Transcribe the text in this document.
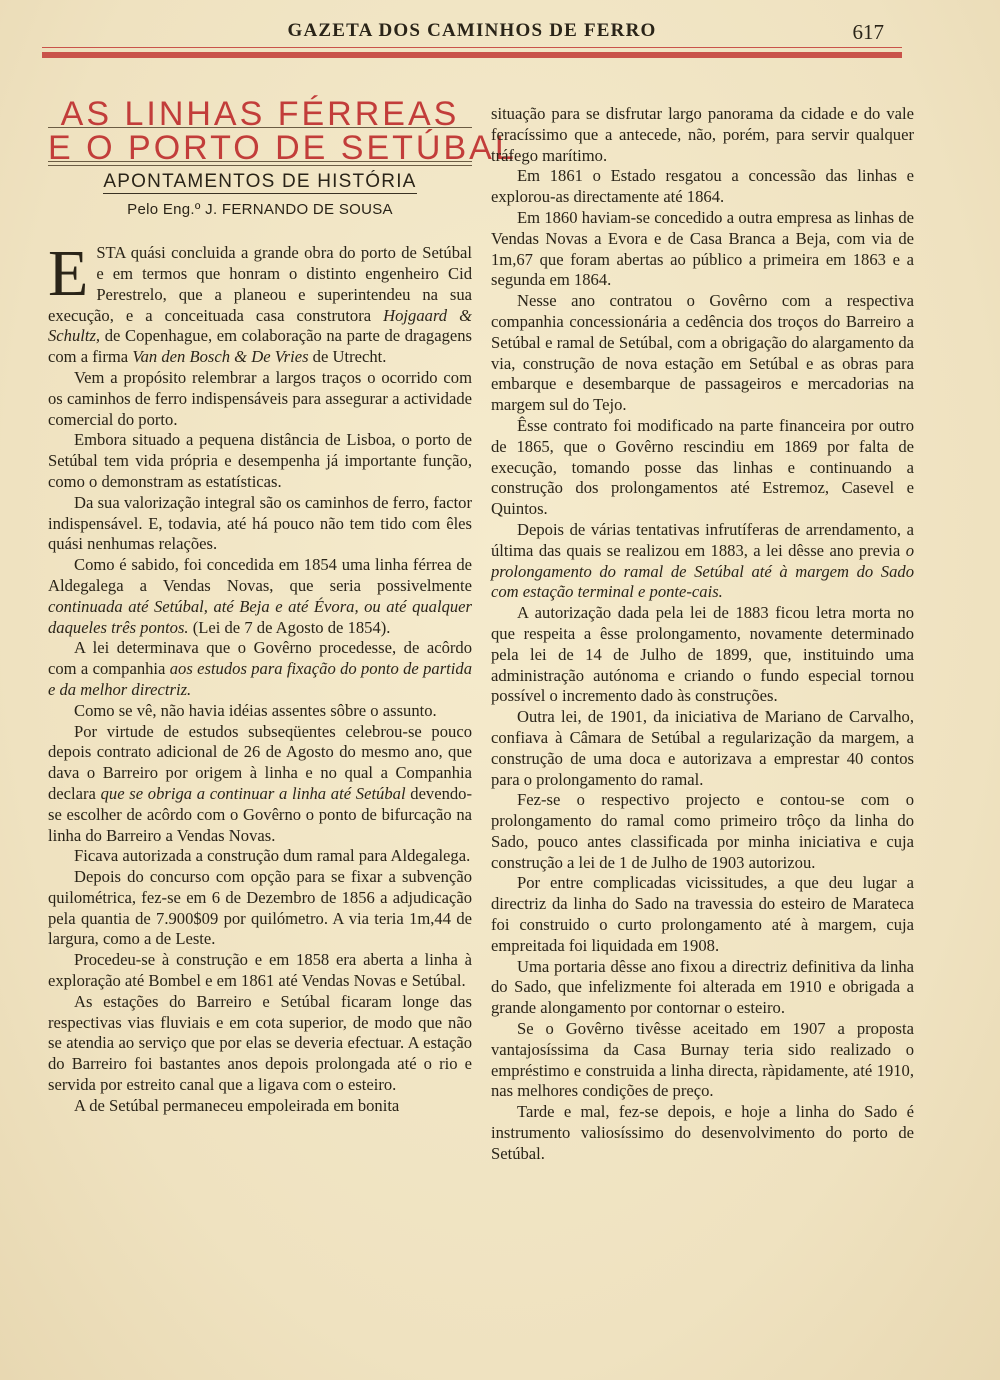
GAZETA DOS CAMINHOS DE FERRO	617
AS LINHAS FÉRREAS
E O PORTO DE SETÚBAL
APONTAMENTOS DE HISTÓRIA
Pelo Eng.º J. FERNANDO DE SOUSA

ESTA quási concluida a grande obra do porto de Setúbal e em termos que honram o distinto engenheiro Cid Perestrelo, que a planeou e superintendeu na sua execução, e a conceituada casa construtora Hojgaard & Schultz, de Copenhague, em colaboração na parte de dragagens com a firma Van den Bosch & De Vries de Utrecht.

Vem a propósito relembrar a largos traços o ocorrido com os caminhos de ferro indispensáveis para assegurar a actividade comercial do porto.

Embora situado a pequena distância de Lisboa, o porto de Setúbal tem vida própria e desempenha já importante função, como o demonstram as estatísticas.

Da sua valorização integral são os caminhos de ferro, factor indispensável. E, todavia, até há pouco não tem tido com êles quási nenhumas relações.

Como é sabido, foi concedida em 1854 uma linha férrea de Aldegalega a Vendas Novas, que seria possivelmente continuada até Setúbal, até Beja e até Évora, ou até qualquer daqueles três pontos. (Lei de 7 de Agosto de 1854).

A lei determinava que o Govêrno procedesse, de acôrdo com a companhia aos estudos para fixação do ponto de partida e da melhor directriz.

Como se vê, não havia idéias assentes sôbre o assunto.

Por virtude de estudos subseqüentes celebrou-se pouco depois contrato adicional de 26 de Agosto do mesmo ano, que dava o Barreiro por origem à linha e no qual a Companhia declara que se obriga a continuar a linha até Setúbal devendo-se escolher de acôrdo com o Govêrno o ponto de bifurcação na linha do Barreiro a Vendas Novas.

Ficava autorizada a construção dum ramal para Aldegalega.

Depois do concurso com opção para se fixar a subvenção quilométrica, fez-se em 6 de Dezembro de 1856 a adjudicação pela quantia de 7.900$09 por quilómetro. A via teria 1m,44 de largura, como a de Leste.

Procedeu-se à construção e em 1858 era aberta a linha à exploração até Bombel e em 1861 até Vendas Novas e Setúbal.

As estações do Barreiro e Setúbal ficaram longe das respectivas vias fluviais e em cota superior, de modo que não se atendia ao serviço que por elas se deveria efectuar. A estação do Barreiro foi bastantes anos depois prolongada até o rio e servida por estreito canal que a ligava com o esteiro.

A de Setúbal permaneceu empoleirada em bonita

situação para se disfrutar largo panorama da cidade e do vale feracíssimo que a antecede, não, porém, para servir qualquer tráfego marítimo.

Em 1861 o Estado resgatou a concessão das linhas e explorou-as directamente até 1864.

Em 1860 haviam-se concedido a outra empresa as linhas de Vendas Novas a Evora e de Casa Branca a Beja, com via de 1m,67 que foram abertas ao público a primeira em 1863 e a segunda em 1864.

Nesse ano contratou o Govêrno com a respectiva companhia concessionária a cedência dos troços do Barreiro a Setúbal e ramal de Setúbal, com a obrigação do alargamento da via, construção de nova estação em Setúbal e as obras para embarque e desembarque de passageiros e mercadorias na margem sul do Tejo.

Êsse contrato foi modificado na parte financeira por outro de 1865, que o Govêrno rescindiu em 1869 por falta de execução, tomando posse das linhas e continuando a construção dos prolongamentos até Estremoz, Casevel e Quintos.

Depois de várias tentativas infrutíferas de arrendamento, a última das quais se realizou em 1883, a lei dêsse ano previa o prolongamento do ramal de Setúbal até à margem do Sado com estação terminal e ponte-cais.

A autorização dada pela lei de 1883 ficou letra morta no que respeita a êsse prolongamento, novamente determinado pela lei de 14 de Julho de 1899, que, instituindo uma administração autónoma e criando o fundo especial tornou possível o incremento dado às construções.

Outra lei, de 1901, da iniciativa de Mariano de Carvalho, confiava à Câmara de Setúbal a regularização da margem, a construção de uma doca e autorizava a emprestar 40 contos para o prolongamento do ramal.

Fez-se o respectivo projecto e contou-se com o prolongamento do ramal como primeiro trôço da linha do Sado, pouco antes classificada por minha iniciativa e cuja construção a lei de 1 de Julho de 1903 autorizou.

Por entre complicadas vicissitudes, a que deu lugar a directriz da linha do Sado na travessia do esteiro de Marateca foi construido o curto prolongamento até à margem, cuja empreitada foi liquidada em 1908.

Uma portaria dêsse ano fixou a directriz definitiva da linha do Sado, que infelizmente foi alterada em 1910 e obrigada a grande alongamento por contornar o esteiro.

Se o Govêrno tivêsse aceitado em 1907 a proposta vantajosíssima da Casa Burnay teria sido realizado o empréstimo e construida a linha directa, ràpidamente, até 1910, nas melhores condições de preço.

Tarde e mal, fez-se depois, e hoje a linha do Sado é instrumento valiosíssimo do desenvolvimento do porto de Setúbal.
